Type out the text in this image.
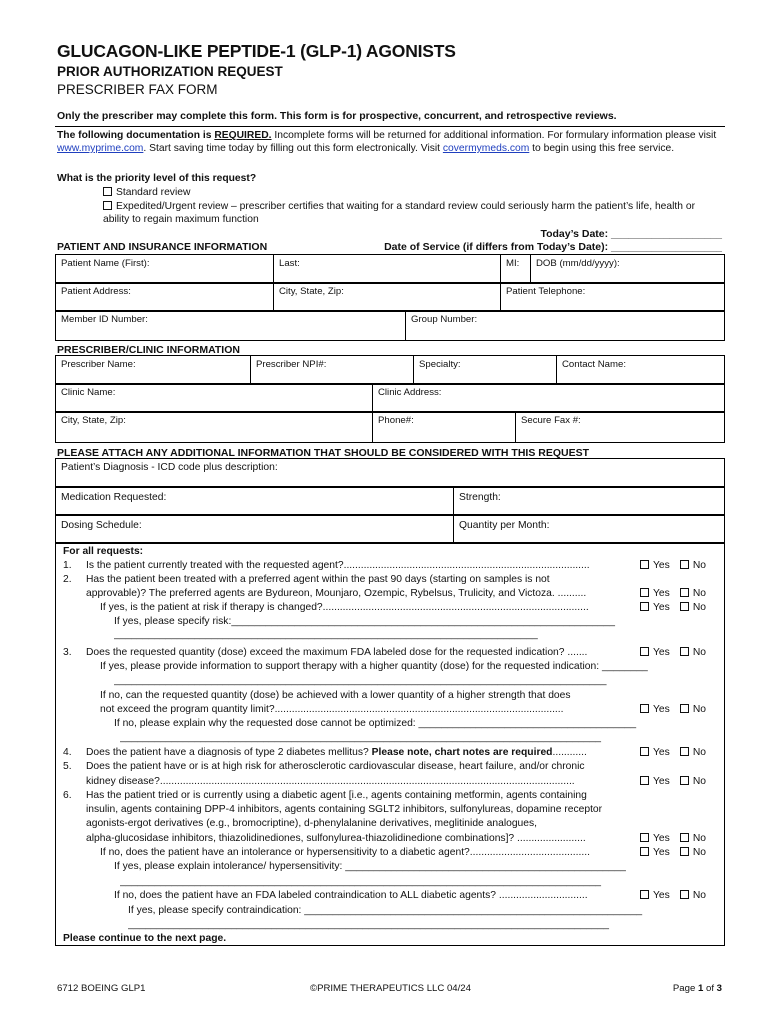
GLUCAGON-LIKE PEPTIDE-1 (GLP-1) AGONISTS
PRIOR AUTHORIZATION REQUEST
PRESCRIBER FAX FORM
Only the prescriber may complete this form. This form is for prospective, concurrent, and retrospective reviews.
The following documentation is REQUIRED. Incomplete forms will be returned for additional information. For formulary information please visit www.myprime.com. Start saving time today by filling out this form electronically. Visit covermymeds.com to begin using this free service.
What is the priority level of this request?
Standard review
Expedited/Urgent review – prescriber certifies that waiting for a standard review could seriously harm the patient’s life, health or ability to regain maximum function
Today’s Date: ___________________
PATIENT AND INSURANCE INFORMATION	Date of Service (if differs from Today’s Date): ___________________
Patient Name (First):	Last:	MI:	DOB (mm/dd/yyyy):
Patient Address:	City, State, Zip:	Patient Telephone:
Member ID Number:	Group Number:
PRESCRIBER/CLINIC INFORMATION
Prescriber Name:	Prescriber NPI#:	Specialty:	Contact Name:
Clinic Name:	Clinic Address:
City, State, Zip:	Phone#:	Secure Fax #:
PLEASE ATTACH ANY ADDITIONAL INFORMATION THAT SHOULD BE CONSIDERED WITH THIS REQUEST
Patient’s Diagnosis - ICD code plus description:
Medication Requested:	Strength:
Dosing Schedule:	Quantity per Month:
For all requests:
1. Is the patient currently treated with the requested agent?......................................................................................	Yes No
2. Has the patient been treated with a preferred agent within the past 90 days (starting on samples is not
approvable)? The preferred agents are Bydureon, Mounjaro, Ozempic, Rybelsus, Trulicity, and Victoza. ..........	Yes No
If yes, is the patient at risk if therapy is changed?.............................................................................................	Yes No
If yes, please specify risk:___________________________________________________________________
__________________________________________________________________________
3. Does the requested quantity (dose) exceed the maximum FDA labeled dose for the requested indication? .......	Yes No
If yes, please provide information to support therapy with a higher quantity (dose) for the requested indication: ________
______________________________________________________________________________________
If no, can the requested quantity (dose) be achieved with a lower quantity of a higher strength that does
not exceed the program quantity limit?.....................................................................................................	Yes No
If no, please explain why the requested dose cannot be optimized: ______________________________________
____________________________________________________________________________________
4. Does the patient have a diagnosis of type 2 diabetes mellitus? Please note, chart notes are required............	Yes No
5. Does the patient have or is at high risk for atherosclerotic cardiovascular disease, heart failure, and/or chronic
kidney disease?.................................................................................................................................................	Yes No
6. Has the patient tried or is currently using a diabetic agent [i.e., agents containing metformin, agents containing
insulin, agents containing DPP-4 inhibitors, agents containing SGLT2 inhibitors, sulfonylureas, dopamine receptor
agonists-ergot derivatives (e.g., bromocriptine), d-phenylalanine derivatives, meglitinide analogues,
alpha-glucosidase inhibitors, thiazolidinediones, sulfonylurea-thiazolidinedione combinations]? ........................	Yes No
If no, does the patient have an intolerance or hypersensitivity to a diabetic agent?..........................................	Yes No
If yes, please explain intolerance/ hypersensitivity: _________________________________________________
____________________________________________________________________________________
If no, does the patient have an FDA labeled contraindication to ALL diabetic agents? ...............................	Yes No
If yes, please specify contraindication: ___________________________________________________________
____________________________________________________________________________________
Please continue to the next page.
6712 BOEING GLP1	©PRIME THERAPEUTICS LLC 04/24	Page 1 of 3
